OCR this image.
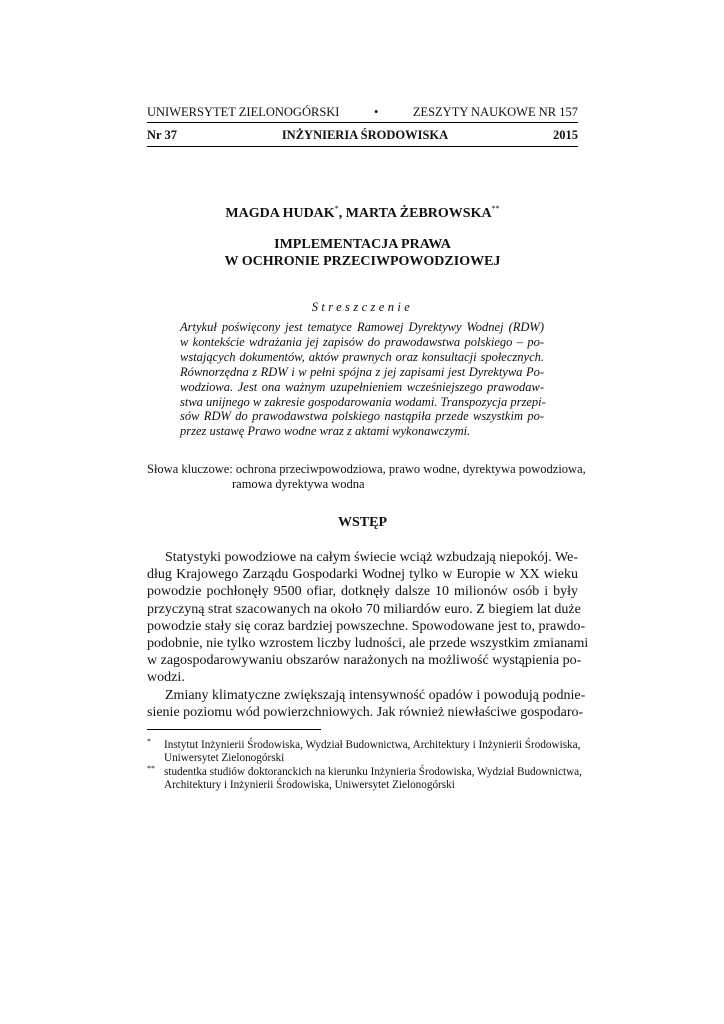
UNIWERSYTET ZIELONOGÓRSKI	•	ZESZYTY NAUKOWE NR 157
Nr 37	INŻYNIERIA ŚRODOWISKA	2015
MAGDA HUDAK*, MARTA ŻEBROWSKA**
IMPLEMENTACJA PRAWA
W OCHRONIE PRZECIWPOWODZIOWEJ
Streszczenie
Artykuł poświęcony jest tematyce Ramowej Dyrektywy Wodnej (RDW)
w kontekście wdrażania jej zapisów do prawodawstwa polskiego – po-
wstających dokumentów, aktów prawnych oraz konsultacji społecznych.
Równorzędna z RDW i w pełni spójna z jej zapisami jest Dyrektywa Po-
wodziowa. Jest ona ważnym uzupełnieniem wcześniejszego prawodaw-
stwa unijnego w zakresie gospodarowania wodami. Transpozycja przepi-
sów RDW do prawodawstwa polskiego nastąpiła przede wszystkim po-
przez ustawę Prawo wodne wraz z aktami wykonawczymi.
Słowa kluczowe: ochrona przeciwpowodziowa, prawo wodne, dyrektywa powodziowa,
ramowa dyrektywa wodna
WSTĘP
Statystyki powodziowe na całym świecie wciąż wzbudzają niepokój. We-
dług Krajowego Zarządu Gospodarki Wodnej tylko w Europie w XX wieku
powodzie pochłonęły 9500 ofiar, dotknęły dalsze 10 milionów osób i były
przyczyną strat szacowanych na około 70 miliardów euro. Z biegiem lat duże
powodzie stały się coraz bardziej powszechne. Spowodowane jest to, prawdo-
podobnie, nie tylko wzrostem liczby ludności, ale przede wszystkim zmianami
w zagospodarowywaniu obszarów narażonych na możliwość wystąpienia po-
wodzi.
Zmiany klimatyczne zwiększają intensywność opadów i powodują podnie-
sienie poziomu wód powierzchniowych. Jak również niewłaściwe gospodaro-
*	Instytut Inżynierii Środowiska, Wydział Budownictwa, Architektury i Inżynierii Środowiska,
Uniwersytet Zielonogórski
** studentka studiów doktoranckich na kierunku Inżynieria Środowiska, Wydział Budownictwa,
Architektury i Inżynierii Środowiska, Uniwersytet Zielonogórski
